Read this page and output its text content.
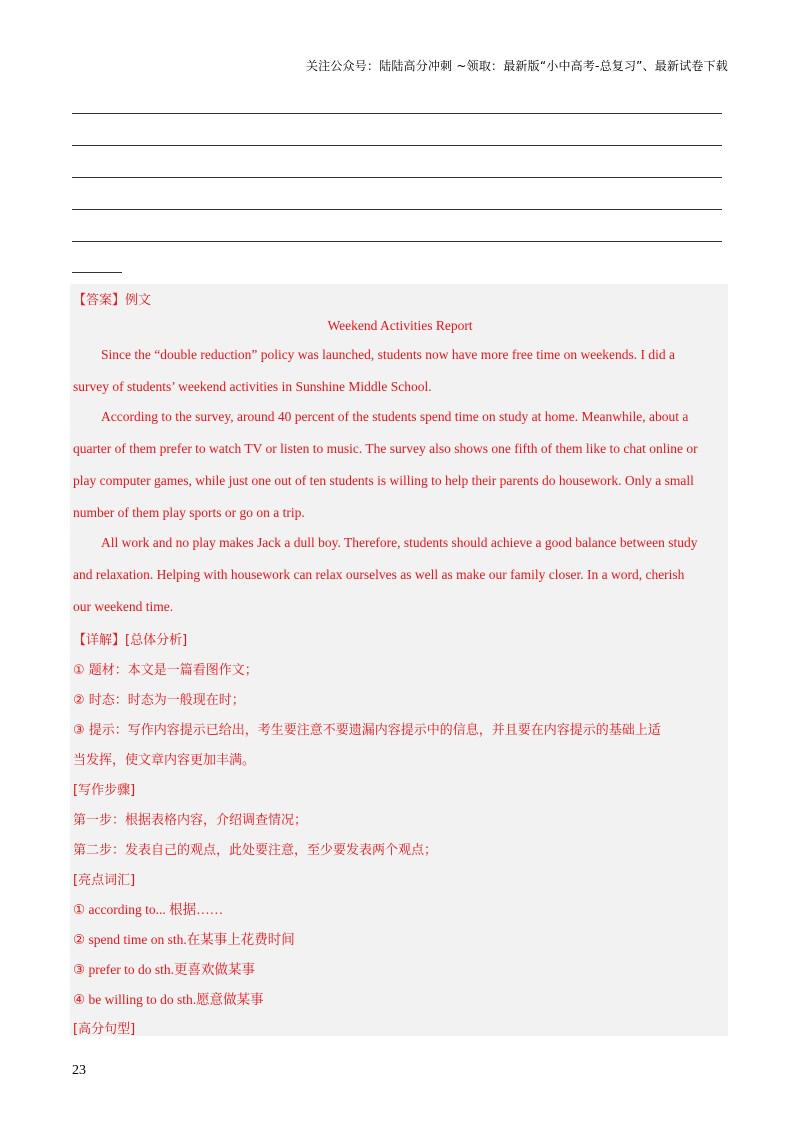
关注公众号：陆陆高分冲刺 ~领取：最新版“小中高考-总复习”、最新试卷下载
【答案】例文
Weekend Activities Report
Since the “double reduction” policy was launched, students now have more free time on weekends. I did a
survey of students’ weekend activities in Sunshine Middle School.
According to the survey, around 40 percent of the students spend time on study at home. Meanwhile, about a
quarter of them prefer to watch TV or listen to music. The survey also shows one fifth of them like to chat online or
play computer games, while just one out of ten students is willing to help their parents do housework. Only a small
number of them play sports or go on a trip.
All work and no play makes Jack a dull boy. Therefore, students should achieve a good balance between study
and relaxation. Helping with housework can relax ourselves as well as make our family closer. In a word, cherish
our weekend time.
【详解】[总体分析]
① 题材：本文是一篇看图作文；
② 时态：时态为一般现在时；
③ 提示：写作内容提示已给出，考生要注意不要遗漏内容提示中的信息，并且要在内容提示的基础上适
当发挥，使文章内容更加丰满。
[写作步骤]
第一步：根据表格内容，介绍调查情况；
第二步：发表自己的观点，此处要注意，至少要发表两个观点；
[亮点词汇]
① according to... 根据……
② spend time on sth.在某事上花费时间
③ prefer to do sth.更喜欢做某事
④ be willing to do sth.愿意做某事
[高分句型]
23
